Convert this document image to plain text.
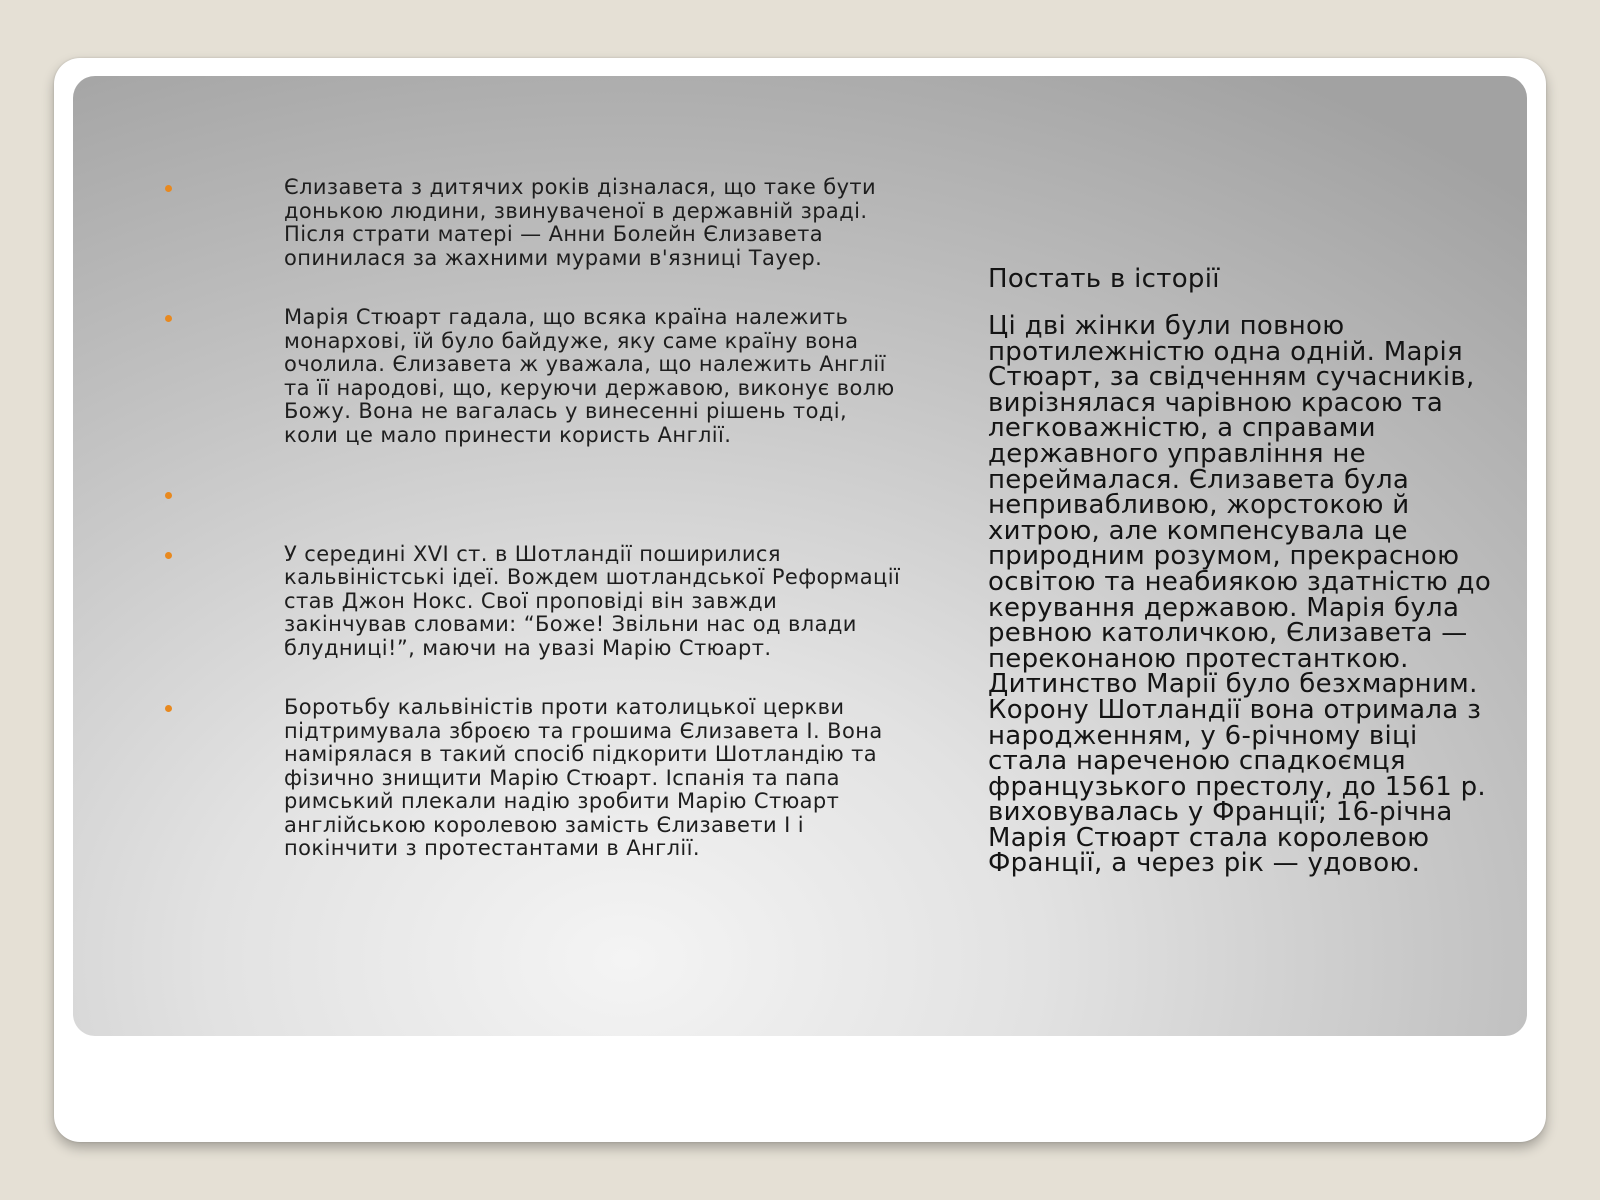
Єлизавета з дитячих років дізналася, що таке бути донькою людини, звинуваченої в державній зраді. Після страти матері — Анни Болейн Єлизавета опинилася за жахними мурами в'язниці Тауер.
Марія Стюарт гадала, що всяка країна належить монархові, їй було байдуже, яку саме країну вона очолила. Єлизавета ж уважала, що належить Англії та її народові, що, керуючи державою, виконує волю Божу. Вона не вагалась у винесенні рішень тоді, коли це мало принести користь Англії.
У середині XVI ст. в Шотландії поширилися кальвіністські ідеї. Вождем шотландської Реформації став Джон Нокс. Свої проповіді він завжди закінчував словами: “Боже! Звільни нас од влади блудниці!”, маючи на увазі Марію Стюарт.
Боротьбу кальвіністів проти католицької церкви підтримувала зброєю та грошима Єлизавета І. Вона намірялася в такий спосіб підкорити Шотландію та фізично знищити Марію Стюарт. Іспанія та папа римський плекали надію зробити Марію Стюарт англійською королевою замість Єлизавети І і покінчити з протестантами в Англії.

Постать в історії

Ці дві жінки були повною протилежністю одна одній. Марія Стюарт, за свідченням сучасників, вирізнялася чарівною красою та легковажністю, а справами державного управління не переймалася. Єлизавета була непривабливою, жорстокою й хитрою, але компенсувала це природним розумом, прекрасною освітою та неабиякою здатністю до керування державою. Марія була ревною католичкою, Єлизавета — переконаною протестанткою. Дитинство Марії було безхмарним. Корону Шотландії вона отримала з народженням, у 6-річному віці стала нареченою спадкоємця французького престолу, до 1561 р. виховувалась у Франції; 16-річна Марія Стюарт стала королевою Франції, а через рік — удовою.
